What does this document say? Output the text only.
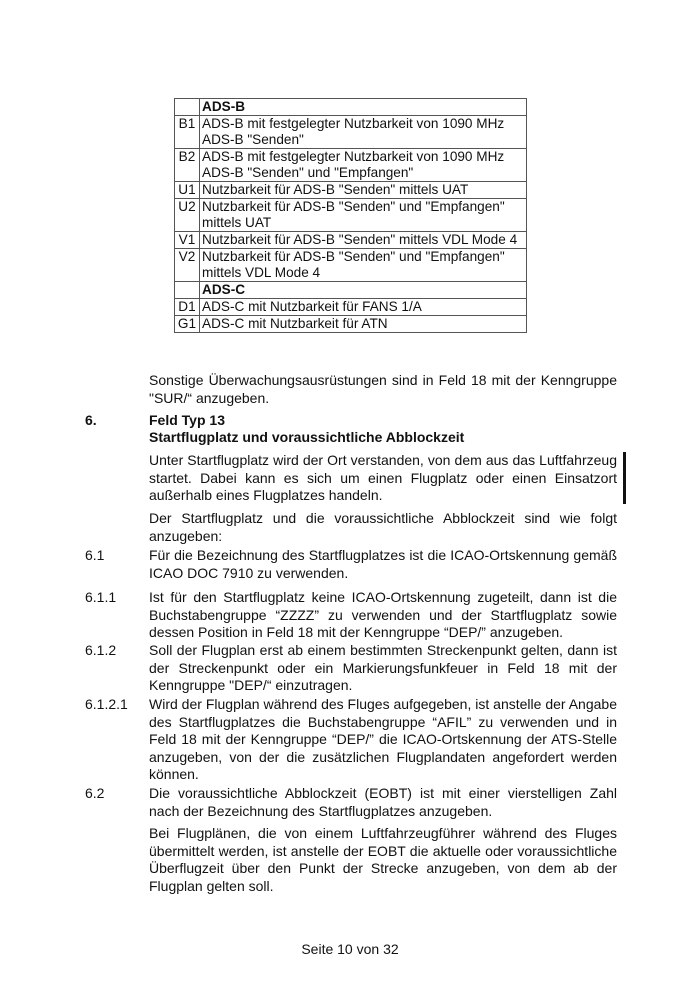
	ADS-B
B1	ADS-B mit festgelegter Nutzbarkeit von 1090 MHz ADS-B "Senden"
B2	ADS-B mit festgelegter Nutzbarkeit von 1090 MHz ADS-B "Senden" und "Empfangen"
U1	Nutzbarkeit für ADS-B "Senden" mittels UAT
U2	Nutzbarkeit für ADS-B "Senden" und "Empfangen" mittels UAT
V1	Nutzbarkeit für ADS-B "Senden" mittels VDL Mode 4
V2	Nutzbarkeit für ADS-B "Senden" und "Empfangen" mittels VDL Mode 4
	ADS-C
D1	ADS-C mit Nutzbarkeit für FANS 1/A
G1	ADS-C mit Nutzbarkeit für ATN

Sonstige Überwachungsausrüstungen sind in Feld 18 mit der Kenngruppe "SUR/“ anzugeben.

6.	Feld Typ 13
Startflugplatz und voraussichtliche Abblockzeit

Unter Startflugplatz wird der Ort verstanden, von dem aus das Luftfahrzeug startet. Dabei kann es sich um einen Flugplatz oder einen Einsatzort außerhalb eines Flugplatzes handeln.

Der Startflugplatz und die voraussichtliche Abblockzeit sind wie folgt anzugeben:

6.1	Für die Bezeichnung des Startflugplatzes ist die ICAO-Ortskennung gemäß ICAO DOC 7910 zu verwenden.

6.1.1 Ist für den Startflugplatz keine ICAO-Ortskennung zugeteilt, dann ist die Buchstabengruppe “ZZZZ” zu verwenden und der Startflugplatz sowie dessen Position in Feld 18 mit der Kenngruppe “DEP/” anzugeben.

6.1.2 Soll der Flugplan erst ab einem bestimmten Streckenpunkt gelten, dann ist der Streckenpunkt oder ein Markierungsfunkfeuer in Feld 18 mit der Kenngruppe "DEP/“ einzutragen.

6.1.2.1 Wird der Flugplan während des Fluges aufgegeben, ist anstelle der Angabe des Startflugplatzes die Buchstabengruppe “AFIL” zu verwenden und in Feld 18 mit der Kenngruppe “DEP/” die ICAO-Ortskennung der ATS-Stelle anzugeben, von der die zusätzlichen Flugplandaten angefordert werden können.

6.2	Die voraussichtliche Abblockzeit (EOBT) ist mit einer vierstelligen Zahl nach der Bezeichnung des Startflugplatzes anzugeben.

Bei Flugplänen, die von einem Luftfahrzeugführer während des Fluges übermittelt werden, ist anstelle der EOBT die aktuelle oder voraussichtliche Überflugzeit über den Punkt der Strecke anzugeben, von dem ab der Flugplan gelten soll.

Seite 10 von 32
